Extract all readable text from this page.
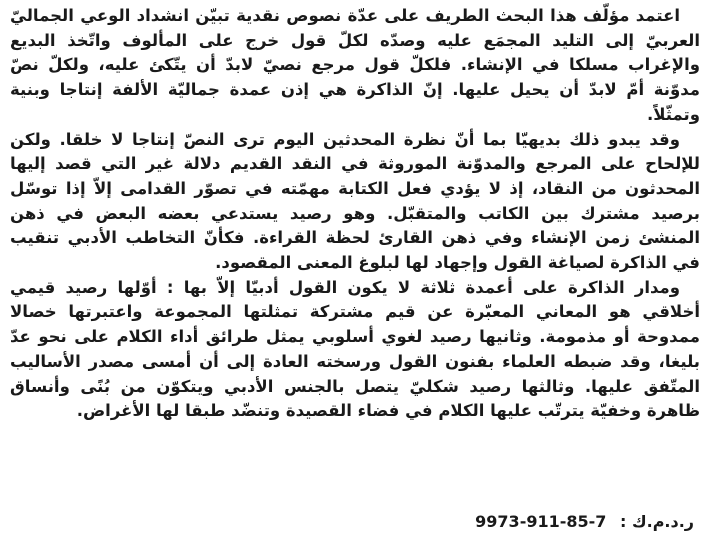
اعتمد مؤلّف هذا البحث الطريف على عدّة نصوص نقدية تبيّن انشداد الوعي الجماليّ العربيّ إلى التليد المجمَع عليه وصدّه لكلّ قول خرج على المألوف واتّخذ البديع والإغراب مسلكا في الإنشاء. فلكلّ قول مرجع نصيّ لابدّ أن يتّكئ عليه، ولكلّ نصّ مدوّنة أمّ لابدّ أن يحيل عليها. إنّ الذاكرة هي إذن عمدة جماليّة الألفة إنتاجا وبنية وتمثّلاً.

وقد يبدو ذلك بديهيّا بما أنّ نظرة المحدثين اليوم ترى النصّ إنتاجا لا خلقا. ولكن للإلحاح على المرجع والمدوّنة الموروثة في النقد القديم دلالة غير التي قصد إليها المحدثون من النقاد، إذ لا يؤدي فعل الكتابة مهمّته في تصوّر القدامى إلاّ إذا توسّل برصيد مشترك بين الكاتب والمتقبّل. وهو رصيد يستدعي بعضه البعض في ذهن المنشئ زمن الإنشاء وفي ذهن القارئ لحظة القراءة. فكأنّ التخاطب الأدبي تنقيب في الذاكرة لصياغة القول وإجهاد لها لبلوغ المعنى المقصود.

ومدار الذاكرة على أعمدة ثلاثة لا يكون القول أدبيّا إلاّ بها : أوّلها رصيد قيمي أخلاقي هو المعاني المعبّرة عن قيم مشتركة تمثلتها المجموعة واعتبرتها خصالا ممدوحة أو مذمومة. وثانيها رصيد لغوي أسلوبي يمثل طرائق أداء الكلام على نحو عدّ بليغا، وقد ضبطه العلماء بفنون القول ورسخته العادة إلى أن أمسى مصدر الأساليب المتّفق عليها. وثالثها رصيد شكليّ يتصل بالجنس الأدبي ويتكوّن من بُنًى وأنساق ظاهرة وخفيّة يترتّب عليها الكلام في فضاء القصيدة وتنضّد طبقا لها الأغراض.

ر.د.م.ك : 9973-911-85-7
